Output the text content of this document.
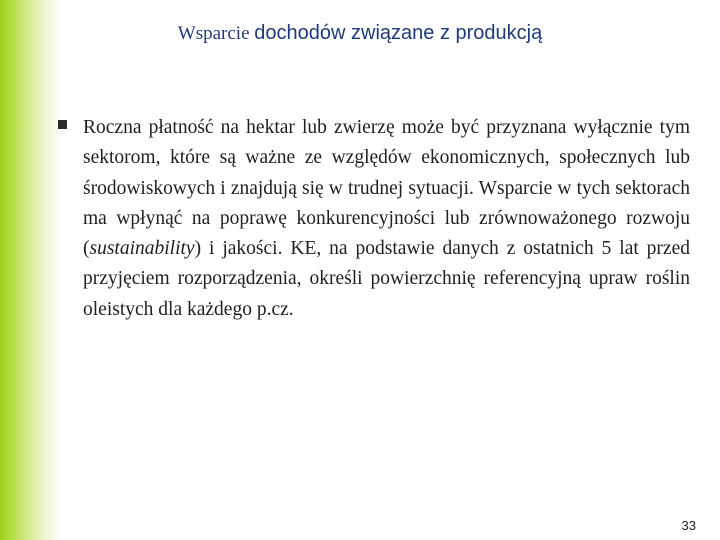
Wsparcie dochodów związane z produkcją

Roczna płatność na hektar lub zwierzę może być przyznana wyłącznie tym sektorom, które są ważne ze względów ekonomicznych, społecznych lub środowiskowych i znajdują się w trudnej sytuacji. Wsparcie w tych sektorach ma wpłynąć na poprawę konkurencyjności lub zrównoważonego rozwoju (sustainability) i jakości. KE, na podstawie danych z ostatnich 5 lat przed przyjęciem rozporządzenia, określi powierzchnię referencyjną upraw roślin oleistych dla każdego p.cz.

33
